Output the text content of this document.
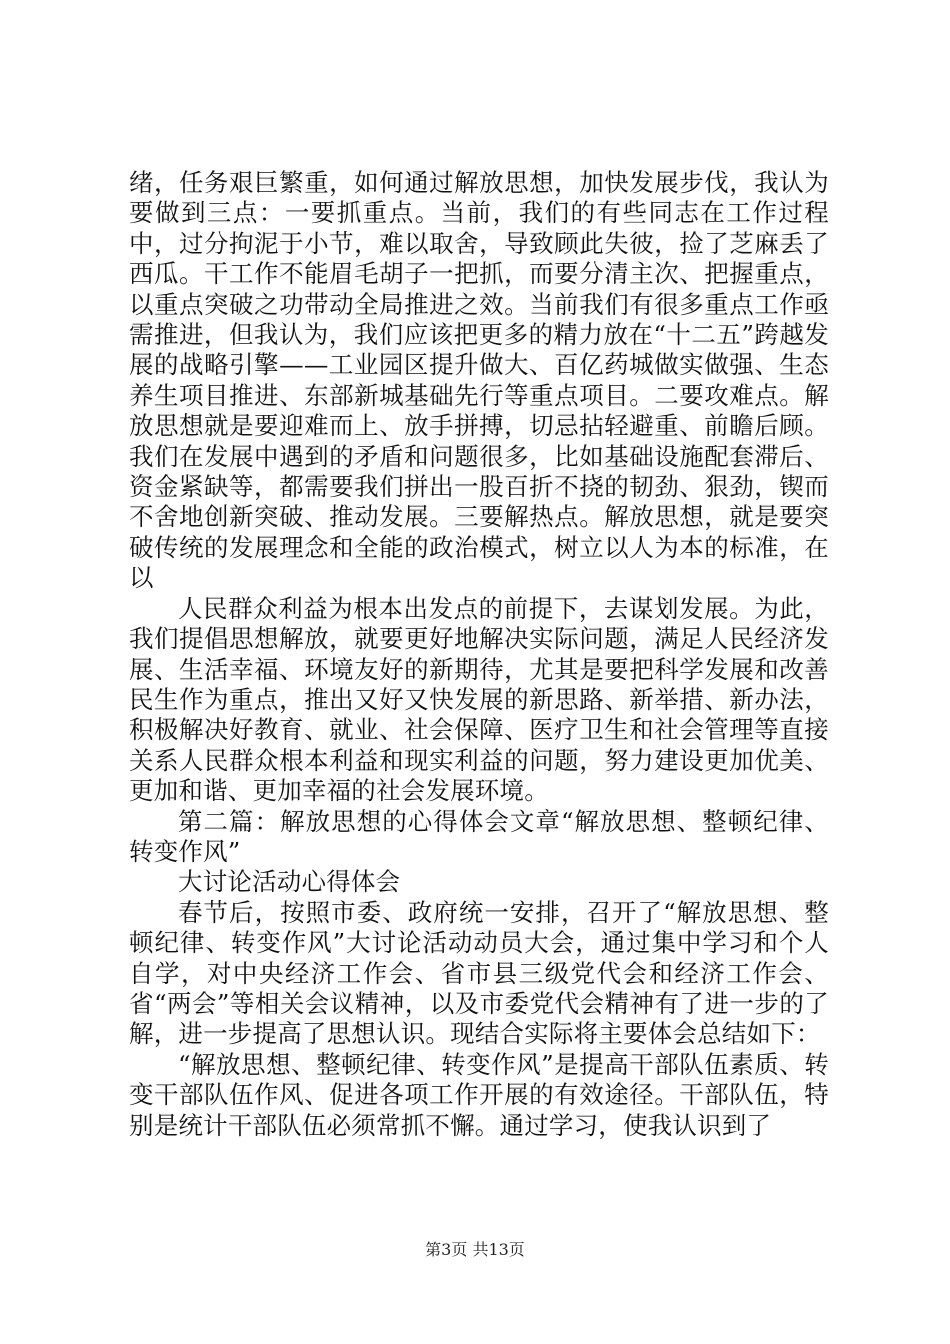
绪，任务艰巨繁重，如何通过解放思想，加快发展步伐，我认为要做到三点：一要抓重点。当前，我们的有些同志在工作过程中，过分拘泥于小节，难以取舍，导致顾此失彼，捡了芝麻丢了西瓜。干工作不能眉毛胡子一把抓，而要分清主次、把握重点，以重点突破之功带动全局推进之效。当前我们有很多重点工作亟需推进，但我认为，我们应该把更多的精力放在“十二五”跨越发展的战略引擎——工业园区提升做大、百亿药城做实做强、生态养生项目推进、东部新城基础先行等重点项目。二要攻难点。解放思想就是要迎难而上、放手拼搏，切忌拈轻避重、前瞻后顾。我们在发展中遇到的矛盾和问题很多，比如基础设施配套滞后、资金紧缺等，都需要我们拼出一股百折不挠的韧劲、狠劲，锲而不舍地创新突破、推动发展。三要解热点。解放思想，就是要突破传统的发展理念和全能的政治模式，树立以人为本的标准，在以

人民群众利益为根本出发点的前提下，去谋划发展。为此，我们提倡思想解放，就要更好地解决实际问题，满足人民经济发展、生活幸福、环境友好的新期待，尤其是要把科学发展和改善民生作为重点，推出又好又快发展的新思路、新举措、新办法，积极解决好教育、就业、社会保障、医疗卫生和社会管理等直接关系人民群众根本利益和现实利益的问题，努力建设更加优美、更加和谐、更加幸福的社会发展环境。

第二篇：解放思想的心得体会文章“解放思想、整顿纪律、转变作风”

大讨论活动心得体会

春节后，按照市委、政府统一安排，召开了“解放思想、整顿纪律、转变作风”大讨论活动动员大会，通过集中学习和个人自学，对中央经济工作会、省市县三级党代会和经济工作会、省“两会”等相关会议精神，以及市委党代会精神有了进一步的了解，进一步提高了思想认识。现结合实际将主要体会总结如下：

“解放思想、整顿纪律、转变作风”是提高干部队伍素质、转变干部队伍作风、促进各项工作开展的有效途径。干部队伍，特别是统计干部队伍必须常抓不懈。通过学习，使我认识到了

第3页 共13页
